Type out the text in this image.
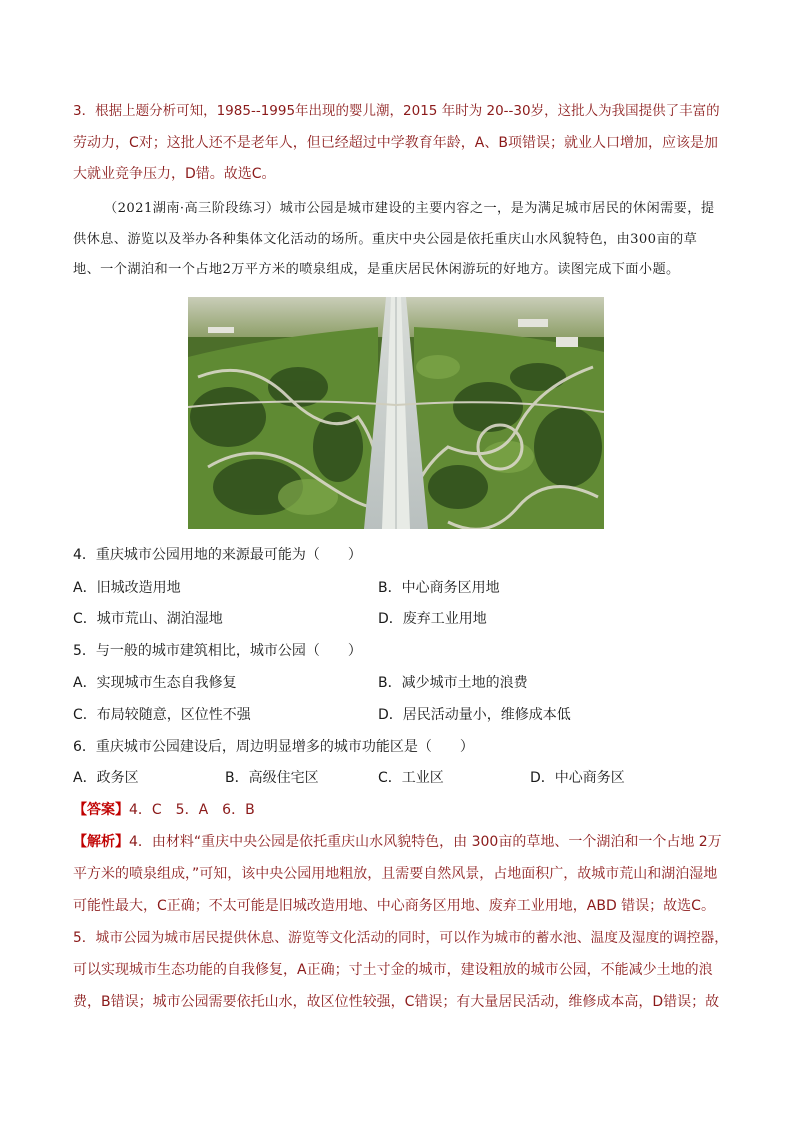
3．根据上题分析可知，1985--1995年出现的婴儿潮，2015 年时为 20--30岁，这批人为我国提供了丰富的
劳动力，C对；这批人还不是老年人，但已经超过中学教育年龄，A、B项错误；就业人口增加，应该是加
大就业竞争压力，D错。故选C。
（2021湖南·高三阶段练习）城市公园是城市建设的主要内容之一，是为满足城市居民的休闲需要，提
供休息、游览以及举办各种集体文化活动的场所。重庆中央公园是依托重庆山水风貌特色，由300亩的草
地、一个湖泊和一个占地2万平方米的喷泉组成，是重庆居民休闲游玩的好地方。读图完成下面小题。
4．重庆城市公园用地的来源最可能为（　　）
A．旧城改造用地	B．中心商务区用地
C．城市荒山、湖泊湿地	D．废弃工业用地
5．与一般的城市建筑相比，城市公园（　　）
A．实现城市生态自我修复	B．减少城市土地的浪费
C．布局较随意，区位性不强	D．居民活动量小，维修成本低
6．重庆城市公园建设后，周边明显增多的城市功能区是（　　）
A．政务区	B．高级住宅区	C．工业区	D．中心商务区
【答案】4．C　5．A　6．B
【解析】4．由材料“重庆中央公园是依托重庆山水风貌特色，由 300亩的草地、一个湖泊和一个占地 2万
平方米的喷泉组成，”可知，该中央公园用地粗放，且需要自然风景，占地面积广，故城市荒山和湖泊湿地
可能性最大，C正确；不太可能是旧城改造用地、中心商务区用地、废弃工业用地，ABD 错误；故选C。
5．城市公园为城市居民提供休息、游览等文化活动的同时，可以作为城市的蓄水池、温度及湿度的调控器，
可以实现城市生态功能的自我修复，A正确；寸土寸金的城市，建设粗放的城市公园，不能减少土地的浪
费，B错误；城市公园需要依托山水，故区位性较强，C错误；有大量居民活动，维修成本高，D错误；故
